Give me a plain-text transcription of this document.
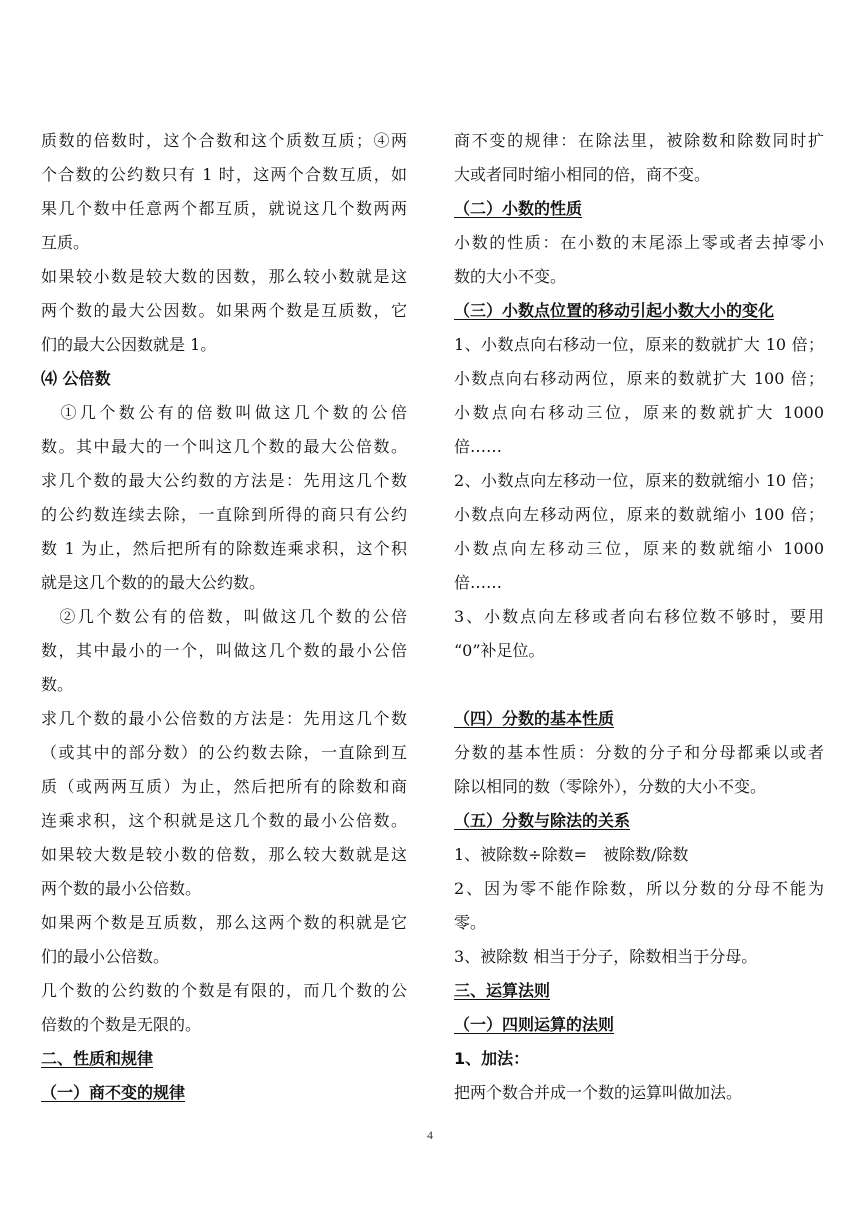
质数的倍数时，这个合数和这个质数互质；④两
个合数的公约数只有 1 时，这两个合数互质，如
果几个数中任意两个都互质，就说这几个数两两
互质。
如果较小数是较大数的因数，那么较小数就是这
两个数的最大公因数。如果两个数是互质数，它
们的最大公因数就是 1。
⑷ 公倍数
　①几个数公有的倍数叫做这几个数的公倍
数。其中最大的一个叫这几个数的最大公倍数。
求几个数的最大公约数的方法是：先用这几个数
的公约数连续去除，一直除到所得的商只有公约
数 1 为止，然后把所有的除数连乘求积，这个积
就是这几个数的的最大公约数。
　②几个数公有的倍数，叫做这几个数的公倍
数，其中最小的一个，叫做这几个数的最小公倍
数。
求几个数的最小公倍数的方法是：先用这几个数
（或其中的部分数）的公约数去除，一直除到互
质（或两两互质）为止，然后把所有的除数和商
连乘求积，这个积就是这几个数的最小公倍数。
如果较大数是较小数的倍数，那么较大数就是这
两个数的最小公倍数。
如果两个数是互质数，那么这两个数的积就是它
们的最小公倍数。
几个数的公约数的个数是有限的，而几个数的公
倍数的个数是无限的。
二、性质和规律
（一）商不变的规律
商不变的规律：在除法里，被除数和除数同时扩
大或者同时缩小相同的倍，商不变。
（二）小数的性质
小数的性质：在小数的末尾添上零或者去掉零小
数的大小不变。
（三）小数点位置的移动引起小数大小的变化
1、小数点向右移动一位，原来的数就扩大 10 倍；
小数点向右移动两位，原来的数就扩大 100 倍；
小数点向右移动三位，原来的数就扩大 1000
倍……
2、小数点向左移动一位，原来的数就缩小 10 倍；
小数点向左移动两位，原来的数就缩小 100 倍；
小数点向左移动三位，原来的数就缩小 1000
倍……
3、小数点向左移或者向右移位数不够时，要用
“0”补足位。
（四）分数的基本性质
分数的基本性质：分数的分子和分母都乘以或者
除以相同的数（零除外），分数的大小不变。
（五）分数与除法的关系
1、被除数÷除数=　被除数/除数
2、因为零不能作除数，所以分数的分母不能为
零。
3、被除数 相当于分子，除数相当于分母。
三、运算法则
（一）四则运算的法则
1、加法：
把两个数合并成一个数的运算叫做加法。
4
